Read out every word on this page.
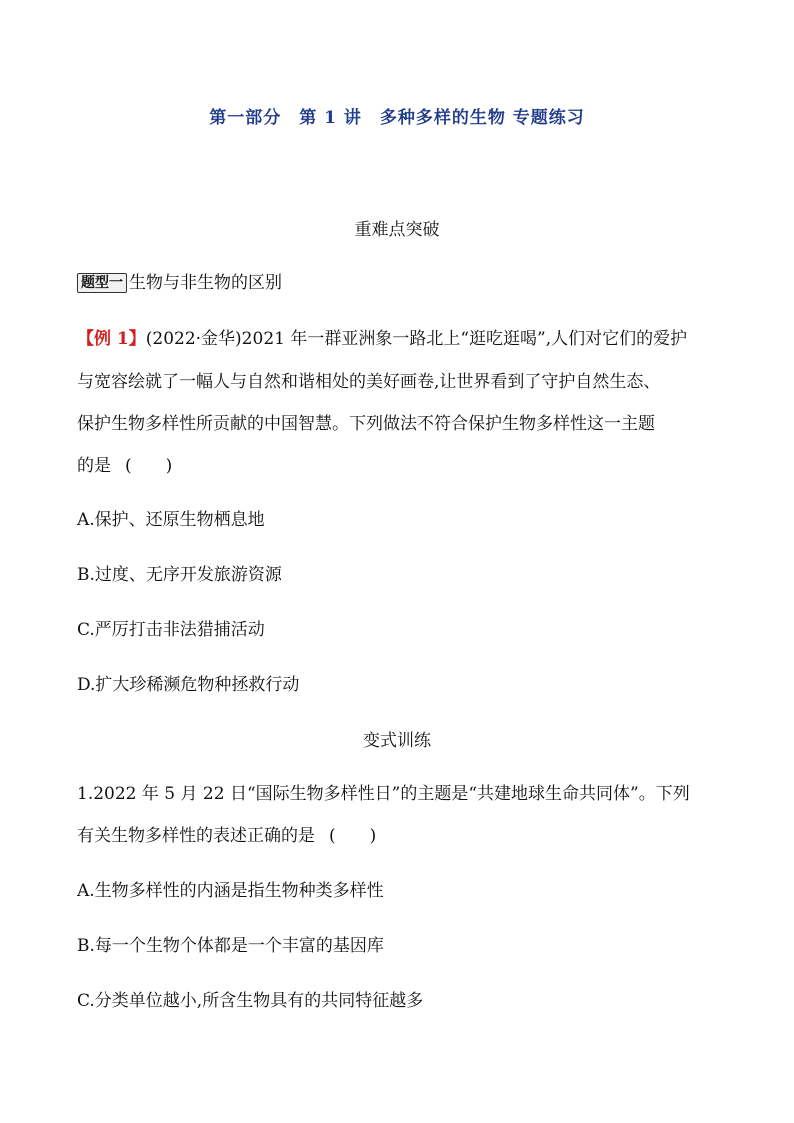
第一部分　第 1 讲　多种多样的生物 专题练习
重难点突破
题型一 生物与非生物的区别
【例 1】(2022·金华)2021 年一群亚洲象一路北上“逛吃逛喝”,人们对它们的爱护
与宽容绘就了一幅人与自然和谐相处的美好画卷,让世界看到了守护自然生态、
保护生物多样性所贡献的中国智慧。下列做法不符合保护生物多样性这一主题
的是 (　　)
A.保护、还原生物栖息地
B.过度、无序开发旅游资源
C.严厉打击非法猎捕活动
D.扩大珍稀濒危物种拯救行动
变式训练
1.2022 年 5 月 22 日“国际生物多样性日”的主题是“共建地球生命共同体”。下列
有关生物多样性的表述正确的是 (　　)
A.生物多样性的内涵是指生物种类多样性
B.每一个生物个体都是一个丰富的基因库
C.分类单位越小,所含生物具有的共同特征越多
